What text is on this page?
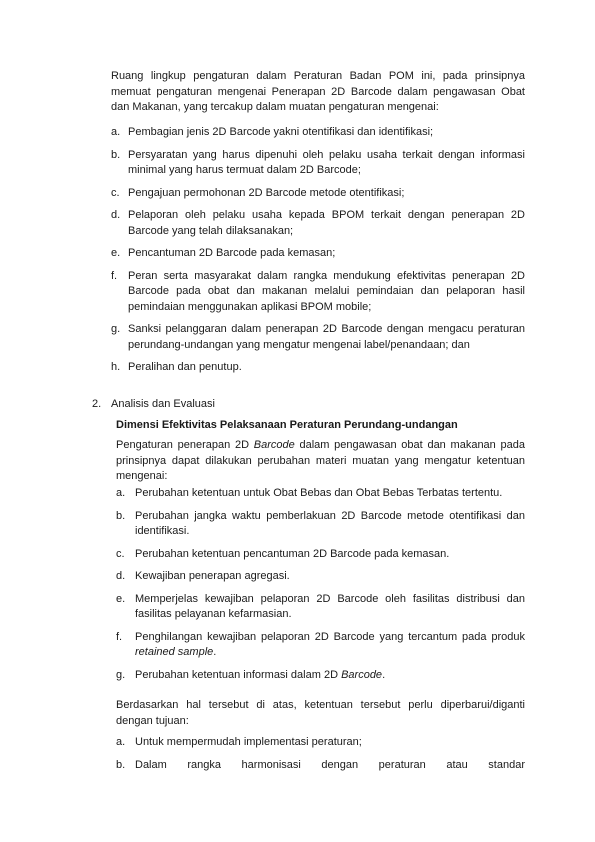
Ruang lingkup pengaturan dalam Peraturan Badan POM ini, pada prinsipnya memuat pengaturan mengenai Penerapan 2D Barcode dalam pengawasan Obat dan Makanan, yang tercakup dalam muatan pengaturan mengenai:

a. Pembagian jenis 2D Barcode yakni otentifikasi dan identifikasi;
b. Persyaratan yang harus dipenuhi oleh pelaku usaha terkait dengan informasi minimal yang harus termuat dalam 2D Barcode;
c. Pengajuan permohonan 2D Barcode metode otentifikasi;
d. Pelaporan oleh pelaku usaha kepada BPOM terkait dengan penerapan 2D Barcode yang telah dilaksanakan;
e. Pencantuman 2D Barcode pada kemasan;
f. Peran serta masyarakat dalam rangka mendukung efektivitas penerapan 2D Barcode pada obat dan makanan melalui pemindaian dan pelaporan hasil pemindaian menggunakan aplikasi BPOM mobile;
g. Sanksi pelanggaran dalam penerapan 2D Barcode dengan mengacu peraturan perundang-undangan yang mengatur mengenai label/penandaan; dan
h. Peralihan dan penutup.
2. Analisis dan Evaluasi

Dimensi Efektivitas Pelaksanaan Peraturan Perundang-undangan

Pengaturan penerapan 2D Barcode dalam pengawasan obat dan makanan pada prinsipnya dapat dilakukan perubahan materi muatan yang mengatur ketentuan mengenai:

a. Perubahan ketentuan untuk Obat Bebas dan Obat Bebas Terbatas tertentu.
b. Perubahan jangka waktu pemberlakuan 2D Barcode metode otentifikasi dan identifikasi.
c. Perubahan ketentuan pencantuman 2D Barcode pada kemasan.
d. Kewajiban penerapan agregasi.
e. Memperjelas kewajiban pelaporan 2D Barcode oleh fasilitas distribusi dan fasilitas pelayanan kefarmasian.
f. Penghilangan kewajiban pelaporan 2D Barcode yang tercantum pada produk retained sample.
g. Perubahan ketentuan informasi dalam 2D Barcode.

Berdasarkan hal tersebut di atas, ketentuan tersebut perlu diperbarui/diganti dengan tujuan:

a. Untuk mempermudah implementasi peraturan;
b. Dalam rangka harmonisasi dengan peraturan atau standar
